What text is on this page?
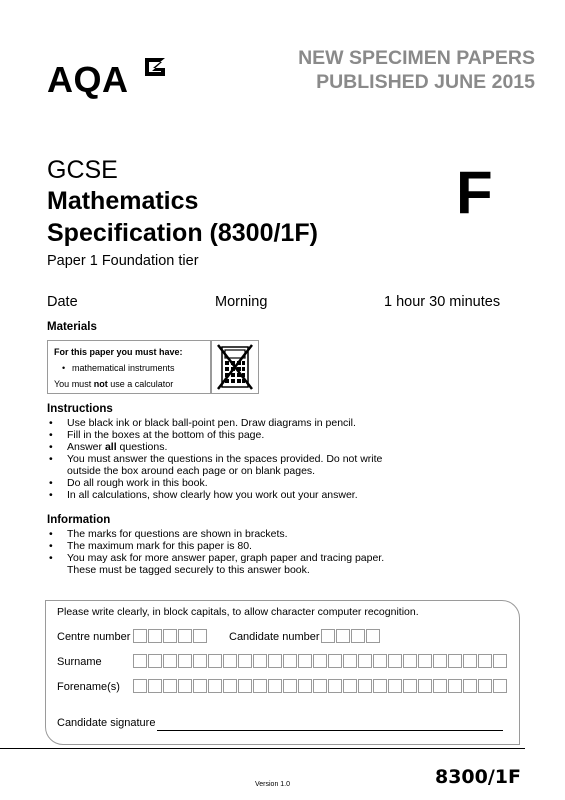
AQA
NEW SPECIMEN PAPERS
PUBLISHED JUNE 2015
GCSE
Mathematics
Specification (8300/1F)
Paper 1 Foundation tier
F
Date	Morning	1 hour 30 minutes
Materials
For this paper you must have:
• mathematical instruments
You must not use a calculator
Instructions
• Use black ink or black ball-point pen. Draw diagrams in pencil.
• Fill in the boxes at the bottom of this page.
• Answer all questions.
• You must answer the questions in the spaces provided. Do not write outside the box around each page or on blank pages.
• Do all rough work in this book.
• In all calculations, show clearly how you work out your answer.
Information
• The marks for questions are shown in brackets.
• The maximum mark for this paper is 80.
• You may ask for more answer paper, graph paper and tracing paper. These must be tagged securely to this answer book.
Please write clearly, in block capitals, to allow character computer recognition.
Centre number	Candidate number
Surname
Forename(s)
Candidate signature
Version 1.0	8300/1F
